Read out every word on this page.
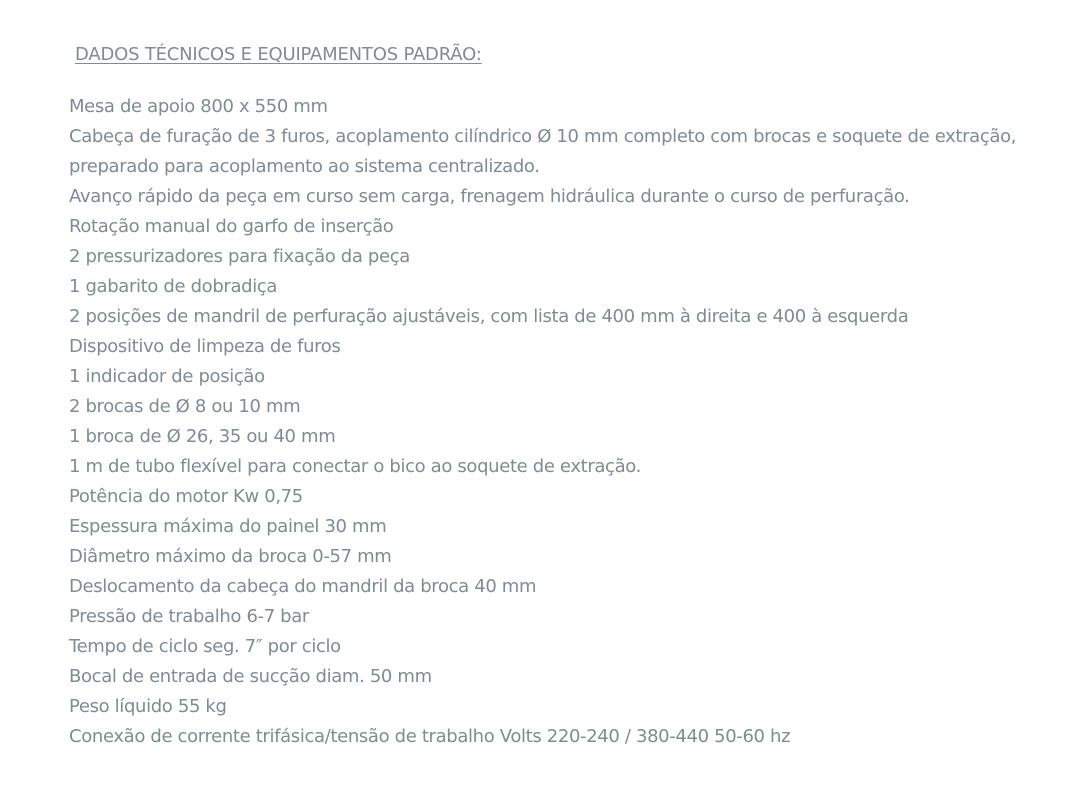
DADOS TÉCNICOS E EQUIPAMENTOS PADRÃO:
Mesa de apoio 800 x 550 mm
Cabeça de furação de 3 furos, acoplamento cilíndrico Ø 10 mm completo com brocas e soquete de extração, preparado para acoplamento ao sistema centralizado.
Avanço rápido da peça em curso sem carga, frenagem hidráulica durante o curso de perfuração.
Rotação manual do garfo de inserção
2 pressurizadores para fixação da peça
1 gabarito de dobradiça
2 posições de mandril de perfuração ajustáveis, com lista de 400 mm à direita e 400 à esquerda
Dispositivo de limpeza de furos
1 indicador de posição
2 brocas de Ø 8 ou 10 mm
1 broca de Ø 26, 35 ou 40 mm
1 m de tubo flexível para conectar o bico ao soquete de extração.
Potência do motor Kw 0,75
Espessura máxima do painel 30 mm
Diâmetro máximo da broca 0-57 mm
Deslocamento da cabeça do mandril da broca 40 mm
Pressão de trabalho 6-7 bar
Tempo de ciclo seg. 7″ por ciclo
Bocal de entrada de sucção diam. 50 mm
Peso líquido 55 kg
Conexão de corrente trifásica/tensão de trabalho Volts 220-240 / 380-440 50-60 hz
